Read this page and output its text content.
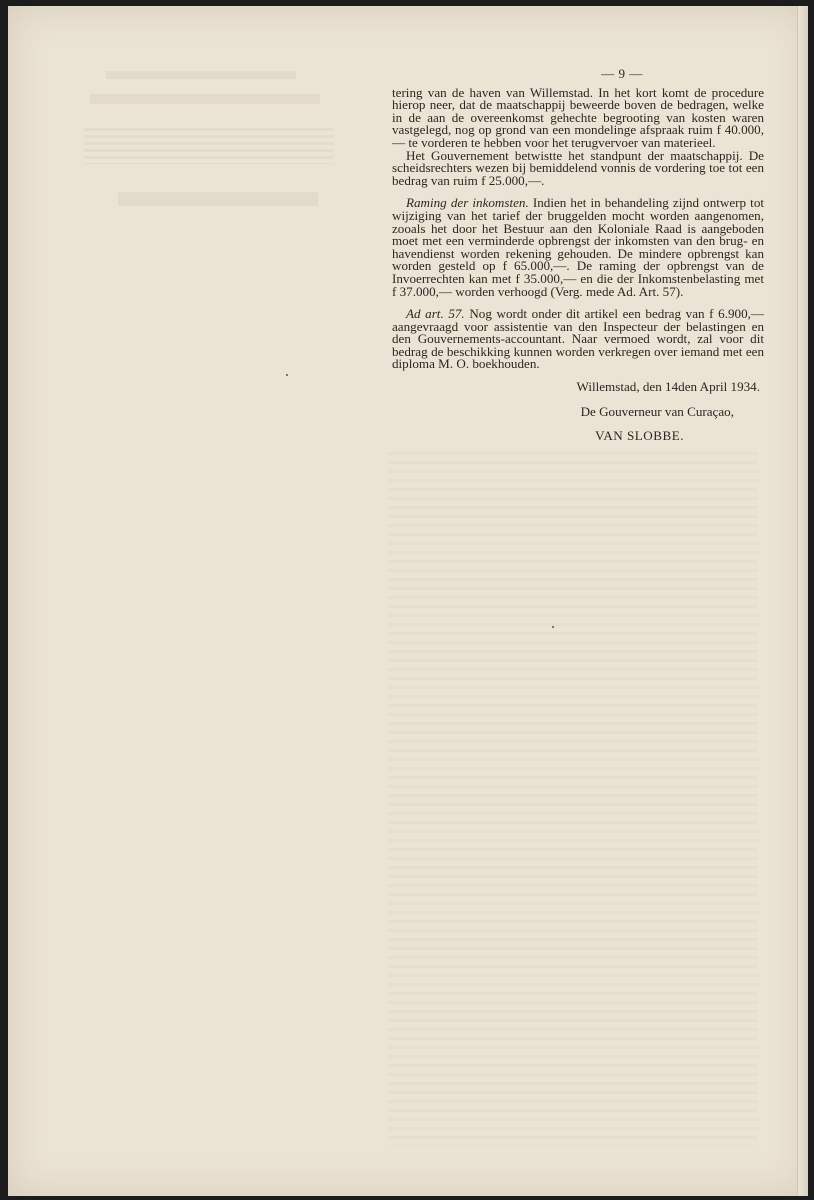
— 9 —

tering van de haven van Willemstad. In het kort komt de procedure hierop neer, dat de maatschappij beweerde boven de bedragen, welke in de aan de overeenkomst gehechte begrooting van kosten waren vastgelegd, nog op grond van een mondelinge afspraak ruim f 40.000,— te vorderen te hebben voor het terugvervoer van materieel.

Het Gouvernement betwistte het standpunt der maatschappij. De scheidsrechters wezen bij bemiddelend vonnis de vordering toe tot een bedrag van ruim f 25.000,—.

Raming der inkomsten. Indien het in behandeling zijnd ontwerp tot wijziging van het tarief der bruggelden mocht worden aangenomen, zooals het door het Bestuur aan den Koloniale Raad is aangeboden moet met een verminderde opbrengst der inkomsten van den brug- en havendienst worden rekening gehouden. De mindere opbrengst kan worden gesteld op f 65.000,—. De raming der opbrengst van de Invoerrechten kan met f 35.000,— en die der Inkomstenbelasting met f 37.000,— worden verhoogd (Verg. mede Ad. Art. 57).

Ad art. 57. Nog wordt onder dit artikel een bedrag van f 6.900,— aangevraagd voor assistentie van den Inspecteur der belastingen en den Gouvernements-accountant. Naar vermoed wordt, zal voor dit bedrag de beschikking kunnen worden verkregen over iemand met een diploma M. O. boekhouden.

Willemstad, den 14den April 1934.
De Gouverneur van Curaçao,
VAN SLOBBE.
